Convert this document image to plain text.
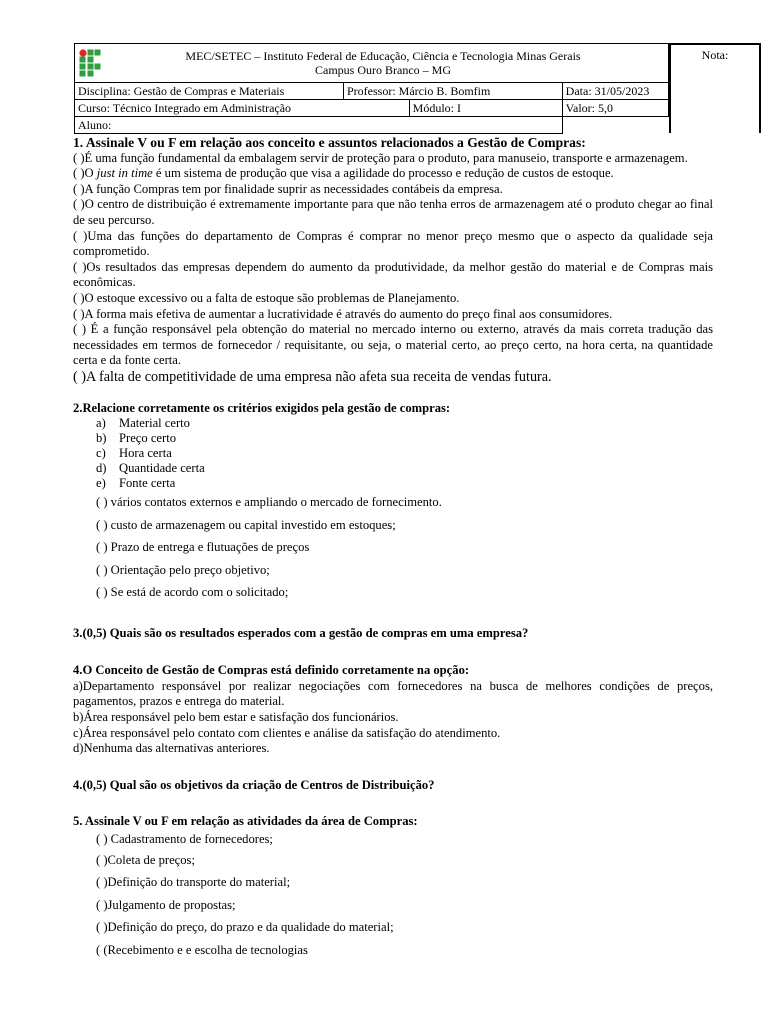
MEC/SETEC – Instituto Federal de Educação, Ciência e Tecnologia Minas Gerais
Campus Ouro Branco – MG			

Disciplina: Gestão de Compras e Materiais	Professor: Márcio B. Bomfim		Data: 31/05/2023
Curso: Técnico Integrado em Administração		Módulo: I	Valor: 5,0
Aluno:			
Nota:

1. Assinale V ou F em relação aos conceito e assuntos relacionados a Gestão de Compras:

( )É uma função fundamental da embalagem servir de proteção para o produto, para manuseio, transporte e armazenagem.

( )O just in time é um sistema de produção que visa a agilidade do processo e redução de custos de estoque.

( )A função Compras tem por finalidade suprir as necessidades contábeis da empresa.

( )O centro de distribuição é extremamente importante para que não tenha erros de armazenagem até o produto chegar ao final de seu percurso.

( )Uma das funções do departamento de Compras é comprar no menor preço mesmo que o aspecto da qualidade seja comprometido.

( )Os resultados das empresas dependem do aumento da produtividade, da melhor gestão do material e de Compras mais econômicas.

( )O estoque excessivo ou a falta de estoque são problemas de Planejamento.

( )A forma mais efetiva de aumentar a lucratividade é através do aumento do preço final aos consumidores.

( ) É a função responsável pela obtenção do material no mercado interno ou externo, através da mais correta tradução das necessidades em termos de fornecedor / requisitante, ou seja, o material certo, ao preço certo, na hora certa, na quantidade certa e da fonte certa.

( )A falta de competitividade de uma empresa não afeta sua receita de vendas futura.

2.Relacione corretamente os critérios exigidos pela gestão de compras:

a) Material certo

b) Preço certo

c) Hora certa

d) Quantidade certa

e) Fonte certa

( ) vários contatos externos e ampliando o mercado de fornecimento.

( ) custo de armazenagem ou capital investido em estoques;

( ) Prazo de entrega e flutuações de preços

( ) Orientação pelo preço objetivo;

( ) Se está de acordo com o solicitado;

3.(0,5) Quais são os resultados esperados com a gestão de compras em uma empresa?

4.O Conceito de Gestão de Compras está definido corretamente na opção:

a)Departamento responsável por realizar negociações com fornecedores na busca de melhores condições de preços, pagamentos, prazos e entrega do material.

b)Área responsável pelo bem estar e satisfação dos funcionários.

c)Área responsável pelo contato com clientes e análise da satisfação do atendimento.

d)Nenhuma das alternativas anteriores.

4.(0,5) Qual são os objetivos da criação de Centros de Distribuição?

5. Assinale V ou F em relação as atividades da área de Compras:

( ) Cadastramento de fornecedores;

( )Coleta de preços;

( )Definição do transporte do material;

( )Julgamento de propostas;

( )Definição do preço, do prazo e da qualidade do material;

( (Recebimento e e escolha de tecnologias
